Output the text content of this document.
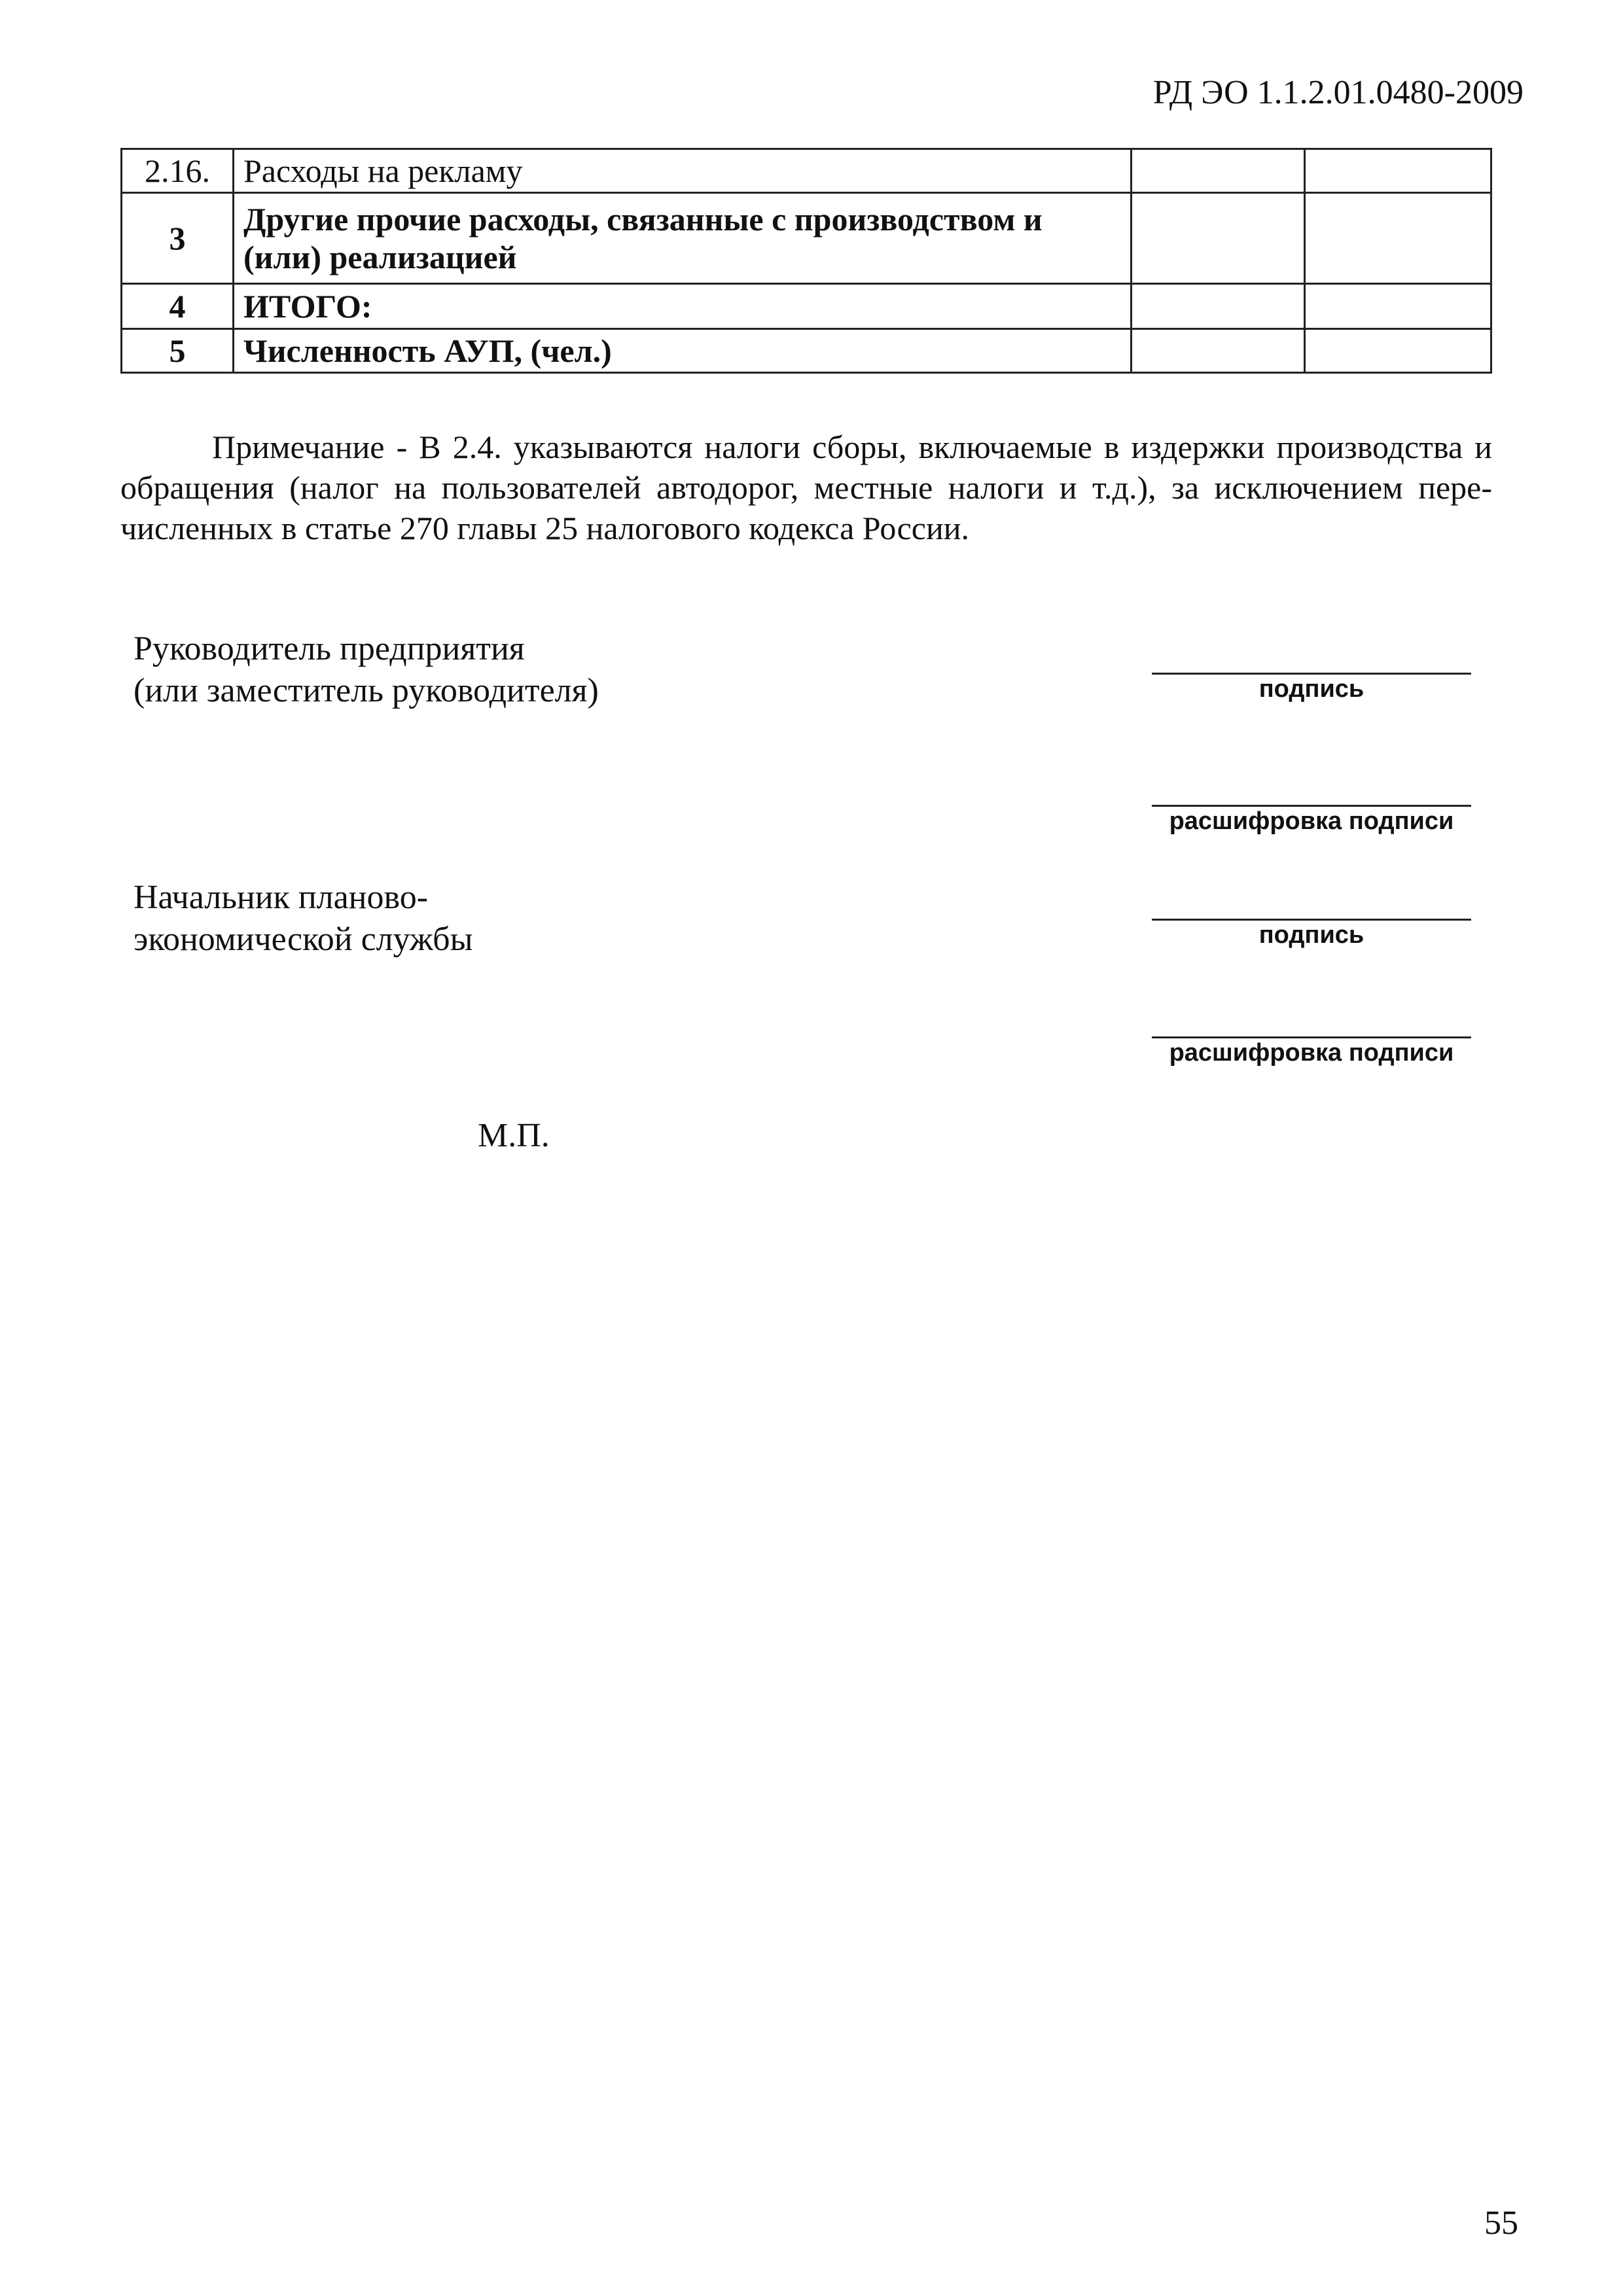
РД ЭО 1.1.2.01.0480-2009
2.16.	Расходы на рекламу		
3	Другие прочие расходы, связанные с производством и (или) реализацией		
4	ИТОГО:		
5	Численность АУП, (чел.)		
Примечание - В 2.4. указываются налоги сборы, включаемые в издержки производства и обращения (налог на пользователей автодорог, местные налоги и т.д.), за исключением пере-численных в статье 270 главы 25 налогового кодекса России.
Руководитель предприятия
(или заместитель руководителя)	подпись
расшифровка подписи
Начальник планово-
экономической службы	подпись
расшифровка подписи
М.П.
55
